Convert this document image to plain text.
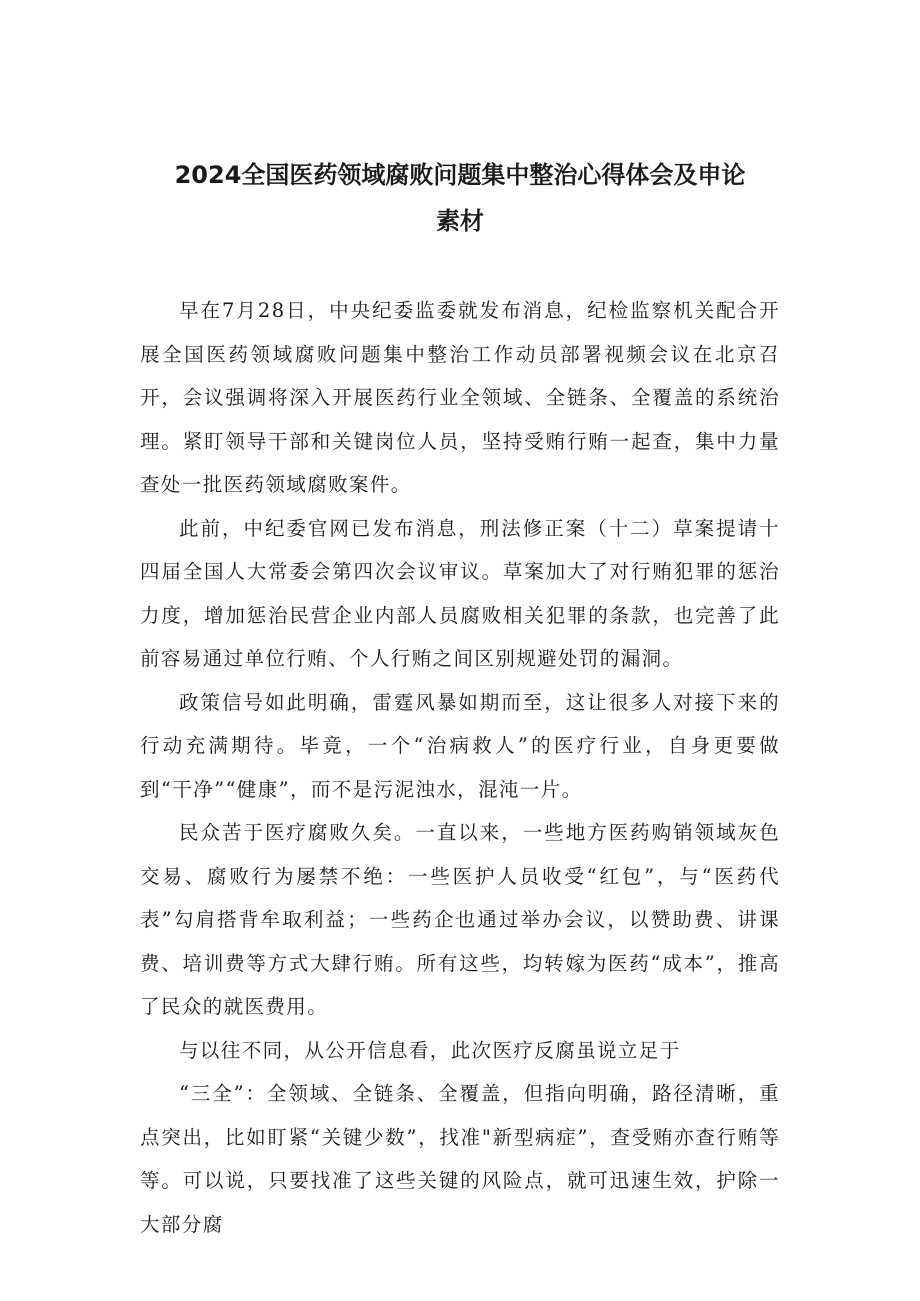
2024全国医药领域腐败问题集中整治心得体会及申论
素材

早在7月28日，中央纪委监委就发布消息，纪检监察机关配合开展全国医药领域腐败问题集中整治工作动员部署视频会议在北京召开，会议强调将深入开展医药行业全领域、全链条、全覆盖的系统治理。紧盯领导干部和关键岗位人员，坚持受贿行贿一起查，集中力量查处一批医药领域腐败案件。

此前，中纪委官网已发布消息，刑法修正案（十二）草案提请十四届全国人大常委会第四次会议审议。草案加大了对行贿犯罪的惩治力度，增加惩治民营企业内部人员腐败相关犯罪的条款，也完善了此前容易通过单位行贿、个人行贿之间区别规避处罚的漏洞。

政策信号如此明确，雷霆风暴如期而至，这让很多人对接下来的行动充满期待。毕竟，一个“治病救人”的医疗行业，自身更要做到“干净”“健康”，而不是污泥浊水，混沌一片。

民众苦于医疗腐败久矣。一直以来，一些地方医药购销领域灰色交易、腐败行为屡禁不绝：一些医护人员收受“红包”，与“医药代表”勾肩搭背牟取利益；一些药企也通过举办会议，以赞助费、讲课费、培训费等方式大肆行贿。所有这些，均转嫁为医药“成本”，推高了民众的就医费用。

与以往不同，从公开信息看，此次医疗反腐虽说立足于

“三全”：全领域、全链条、全覆盖，但指向明确，路径清晰，重点突出，比如盯紧“关键少数”，找准"新型病症”，查受贿亦查行贿等等。可以说，只要找准了这些关键的风险点，就可迅速生效，护除一大部分腐
